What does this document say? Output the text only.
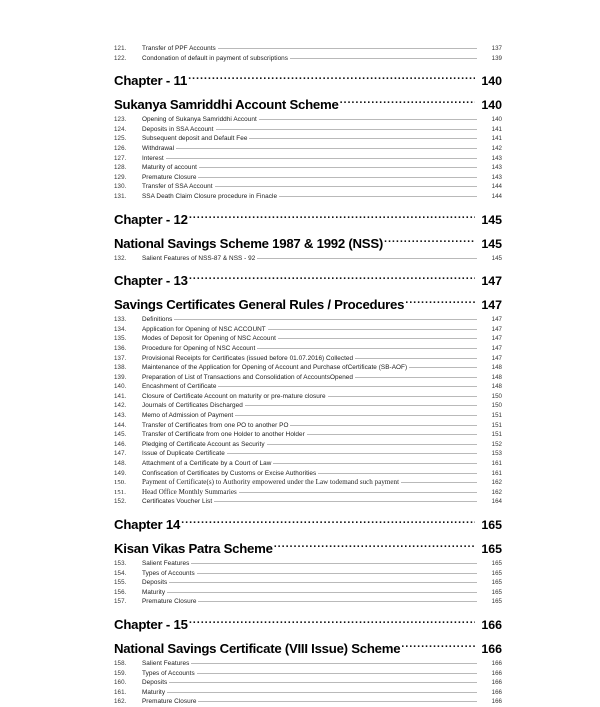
121.	Transfer of PPF Accounts	137
122.	Condonation of default in payment of subscriptions	139
Chapter - 11 .....	140
Sukanya Samriddhi Account Scheme .....	140
123.	Opening of Sukanya Samriddhi Account	140
124.	Deposits in SSA Account	141
125.	Subsequent deposit and Default Fee	141
126.	Withdrawal	142
127.	Interest	143
128.	Maturity of account	143
129.	Premature Closure	143
130.	Transfer of SSA Account	144
131.	SSA Death Claim Closure procedure in Finacle	144
Chapter - 12 .....	145
National Savings Scheme 1987 & 1992 (NSS) .....	145
132.	Salient Features of NSS-87 & NSS - 92	145
Chapter - 13 .....	147
Savings Certificates General Rules / Procedures .....	147
133.	Definitions	147
134.	Application for Opening of NSC ACCOUNT	147
135.	Modes of Deposit for Opening of NSC Account	147
136.	Procedure for Opening of NSC Account	147
137.	Provisional Receipts for Certificates (issued before 01.07.2016) Collected	147
138.	Maintenance of the Application for Opening of Account and Purchase ofCertificate (SB-AOF)	148
139.	Preparation of List of Transactions and Consolidation of AccountsOpened	148
140.	Encashment of Certificate	148
141.	Closure of Certificate Account on maturity or pre-mature closure	150
142.	Journals of Certificates Discharged	150
143.	Memo of Admission of Payment	151
144.	Transfer of Certificates from one PO to another PO	151
145.	Transfer of Certificate from one Holder to another Holder	151
146.	Pledging of Certificate Account as Security	152
147.	Issue of Duplicate Certificate	153
148.	Attachment of a Certificate by a Court of Law	161
149.	Confiscation of Certificates by Customs or Excise Authorities	161
150.	Payment of Certificate(s) to Authority empowered under the Law todemand such payment	162
151.	Head Office Monthly Summaries	162
152.	Certificates Voucher List	164
Chapter 14 .....	165
Kisan Vikas Patra Scheme .....	165
153.	Salient Features	165
154.	Types of Accounts	165
155.	Deposits	165
156.	Maturity	165
157.	Premature Closure	165
Chapter - 15 .....	166
National Savings Certificate (VIII Issue) Scheme .....	166
158.	Salient Features	166
159.	Types of Accounts	166
160.	Deposits	166
161.	Maturity	166
162.	Premature Closure	166
